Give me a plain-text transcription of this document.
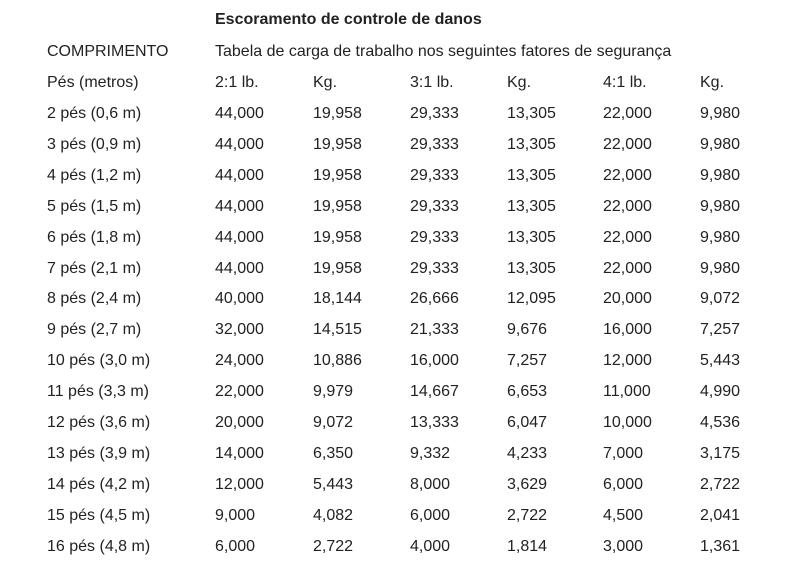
Escoramento de controle de danos
COMPRIMENTO	Tabela de carga de trabalho nos seguintes fatores de segurança
Pés (metros)	2:1 lb.	Kg.	3:1 lb.	Kg.	4:1 lb.	Kg.
2 pés (0,6 m)	44,000	19,958	29,333	13,305	22,000	9,980
3 pés (0,9 m)	44,000	19,958	29,333	13,305	22,000	9,980
4 pés (1,2 m)	44,000	19,958	29,333	13,305	22,000	9,980
5 pés (1,5 m)	44,000	19,958	29,333	13,305	22,000	9,980
6 pés (1,8 m)	44,000	19,958	29,333	13,305	22,000	9,980
7 pés (2,1 m)	44,000	19,958	29,333	13,305	22,000	9,980
8 pés (2,4 m)	40,000	18,144	26,666	12,095	20,000	9,072
9 pés (2,7 m)	32,000	14,515	21,333	9,676	16,000	7,257
10 pés (3,0 m)	24,000	10,886	16,000	7,257	12,000	5,443
11 pés (3,3 m)	22,000	9,979	14,667	6,653	11,000	4,990
12 pés (3,6 m)	20,000	9,072	13,333	6,047	10,000	4,536
13 pés (3,9 m)	14,000	6,350	9,332	4,233	7,000	3,175
14 pés (4,2 m)	12,000	5,443	8,000	3,629	6,000	2,722
15 pés (4,5 m)	9,000	4,082	6,000	2,722	4,500	2,041
16 pés (4,8 m)	6,000	2,722	4,000	1,814	3,000	1,361
